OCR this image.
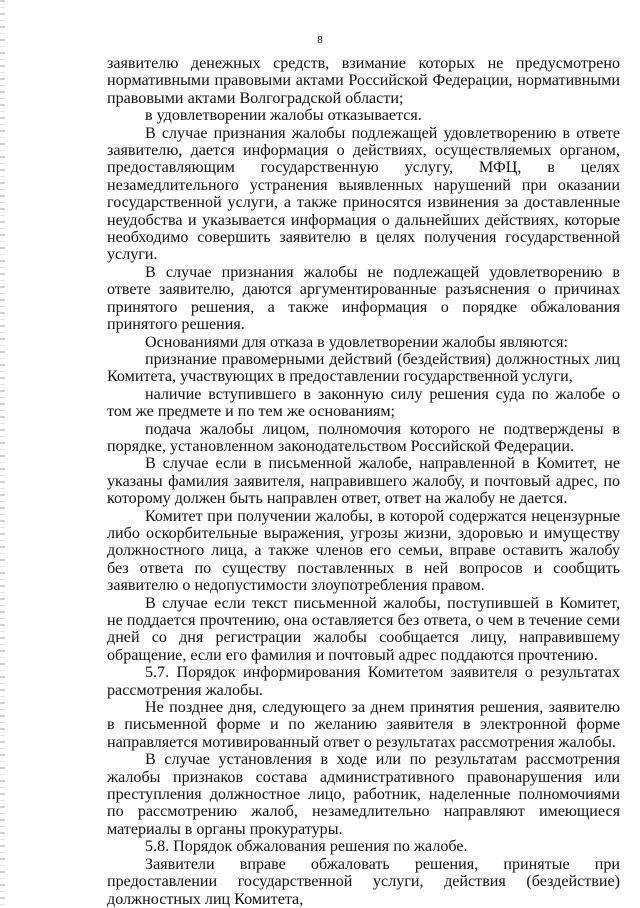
8

заявителю денежных средств, взимание которых не предусмотрено нормативными правовыми актами Российской Федерации, нормативными правовыми актами Волгоградской области;

в удовлетворении жалобы отказывается.

В случае признания жалобы подлежащей удовлетворению в ответе заявителю, дается информация о действиях, осуществляемых органом, предоставляющим государственную услугу, МФЦ, в целях незамедлительного устранения выявленных нарушений при оказании государственной услуги, а также приносятся извинения за доставленные неудобства и указывается информация о дальнейших действиях, которые необходимо совершить заявителю в целях получения государственной услуги.

В случае признания жалобы не подлежащей удовлетворению в ответе заявителю, даются аргументированные разъяснения о причинах принятого решения, а также информация о порядке обжалования принятого решения.

Основаниями для отказа в удовлетворении жалобы являются:

признание правомерными действий (бездействия) должностных лиц Комитета, участвующих в предоставлении государственной услуги,

наличие вступившего в законную силу решения суда по жалобе о том же предмете и по тем же основаниям;

подача жалобы лицом, полномочия которого не подтверждены в порядке, установленном законодательством Российской Федерации.

В случае если в письменной жалобе, направленной в Комитет, не указаны фамилия заявителя, направившего жалобу, и почтовый адрес, по которому должен быть направлен ответ, ответ на жалобу не дается.

Комитет при получении жалобы, в которой содержатся нецензурные либо оскорбительные выражения, угрозы жизни, здоровью и имуществу должностного лица, а также членов его семьи, вправе оставить жалобу без ответа по существу поставленных в ней вопросов и сообщить заявителю о недопустимости злоупотребления правом.

В случае если текст письменной жалобы, поступившей в Комитет, не поддается прочтению, она оставляется без ответа, о чем в течение семи дней со дня регистрации жалобы сообщается лицу, направившему обращение, если его фамилия и почтовый адрес поддаются прочтению.

5.7. Порядок информирования Комитетом заявителя о результатах рассмотрения жалобы.

Не позднее дня, следующего за днем принятия решения, заявителю в письменной форме и по желанию заявителя в электронной форме направляется мотивированный ответ о результатах рассмотрения жалобы.

В случае установления в ходе или по результатам рассмотрения жалобы признаков состава административного правонарушения или преступления должностное лицо, работник, наделенные полномочиями по рассмотрению жалоб, незамедлительно направляют имеющиеся материалы в органы прокуратуры.

5.8. Порядок обжалования решения по жалобе.

Заявители вправе обжаловать решения, принятые при предоставлении государственной услуги, действия (бездействие) должностных лиц Комитета,
